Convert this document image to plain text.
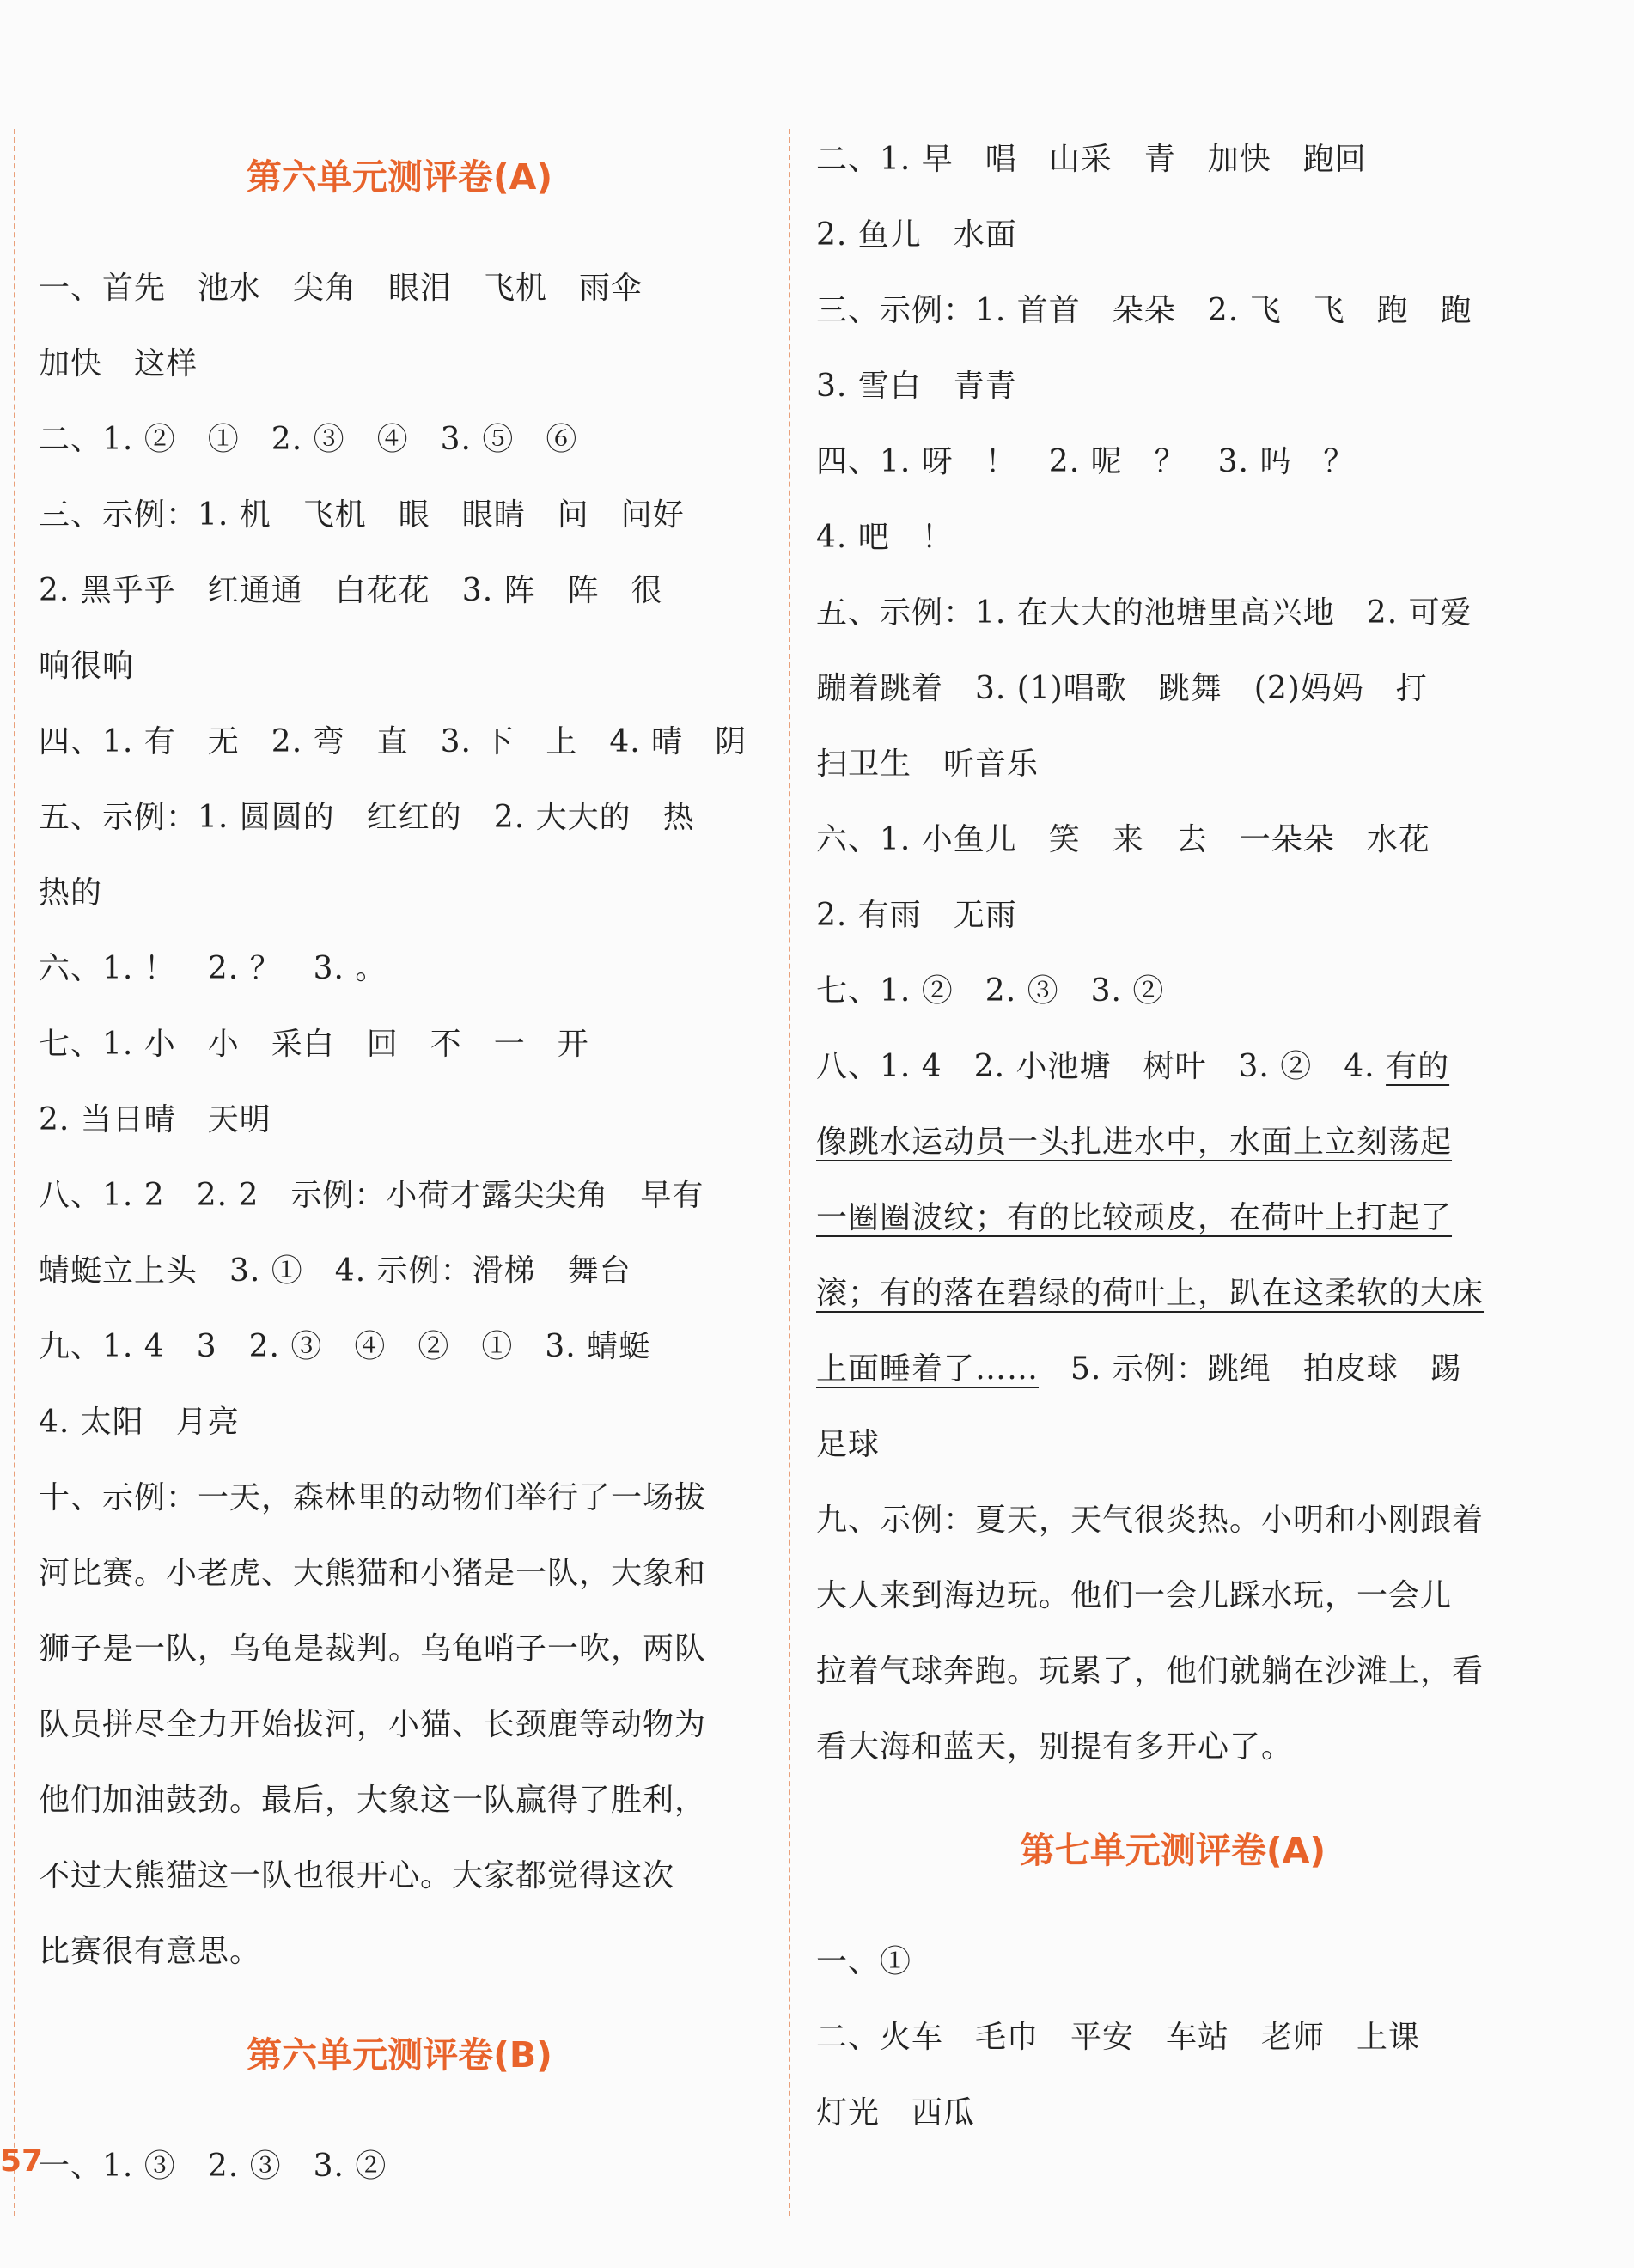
第六单元测评卷(A)
一、首先　池水　尖角　眼泪　飞机　雨伞
加快　这样
二、1. ②　①　2. ③　④　3. ⑤　⑥
三、示例：1. 机　飞机　眼　眼睛　问　问好
2. 黑乎乎　红通通　白花花　3. 阵　阵　很
响很响
四、1. 有　无　2. 弯　直　3. 下　上　4. 晴　阴
五、示例：1. 圆圆的　红红的　2. 大大的　热
热的
六、1. ！　2. ？　3. 。
七、1. 小　小　采白　回　不　一　开
2. 当日晴　天明
八、1. 2　2. 2　示例：小荷才露尖尖角　早有
蜻蜓立上头　3. ①　4. 示例：滑梯　舞台
九、1. 4　3　2. ③　④　②　①　3. 蜻蜓
4. 太阳　月亮
十、示例：一天，森林里的动物们举行了一场拔
河比赛。小老虎、大熊猫和小猪是一队，大象和
狮子是一队，乌龟是裁判。乌龟哨子一吹，两队
队员拼尽全力开始拔河，小猫、长颈鹿等动物为
他们加油鼓劲。最后，大象这一队赢得了胜利，
不过大熊猫这一队也很开心。大家都觉得这次
比赛很有意思。
第六单元测评卷(B)
一、1. ③　2. ③　3. ②
二、1. 早　唱　山采　青　加快　跑回
2. 鱼儿　水面
三、示例：1. 首首　朵朵　2. 飞　飞　跑　跑
3. 雪白　青青
四、1. 呀　！　2. 呢　？　3. 吗　？
4. 吧　！
五、示例：1. 在大大的池塘里高兴地　2. 可爱
蹦着跳着　3. (1)唱歌　跳舞　(2)妈妈　打
扫卫生　听音乐
六、1. 小鱼儿　笑　来　去　一朵朵　水花
2. 有雨　无雨
七、1. ②　2. ③　3. ②
八、1. 4　2. 小池塘　树叶　3. ②　4. 有的
像跳水运动员一头扎进水中，水面上立刻荡起
一圈圈波纹；有的比较顽皮，在荷叶上打起了
滚；有的落在碧绿的荷叶上，趴在这柔软的大床
上面睡着了……　5. 示例：跳绳　拍皮球　踢
足球
九、示例：夏天，天气很炎热。小明和小刚跟着
大人来到海边玩。他们一会儿踩水玩，一会儿
拉着气球奔跑。玩累了，他们就躺在沙滩上，看
看大海和蓝天，别提有多开心了。
第七单元测评卷(A)
一、①
二、火车　毛巾　平安　车站　老师　上课
灯光　西瓜
57
